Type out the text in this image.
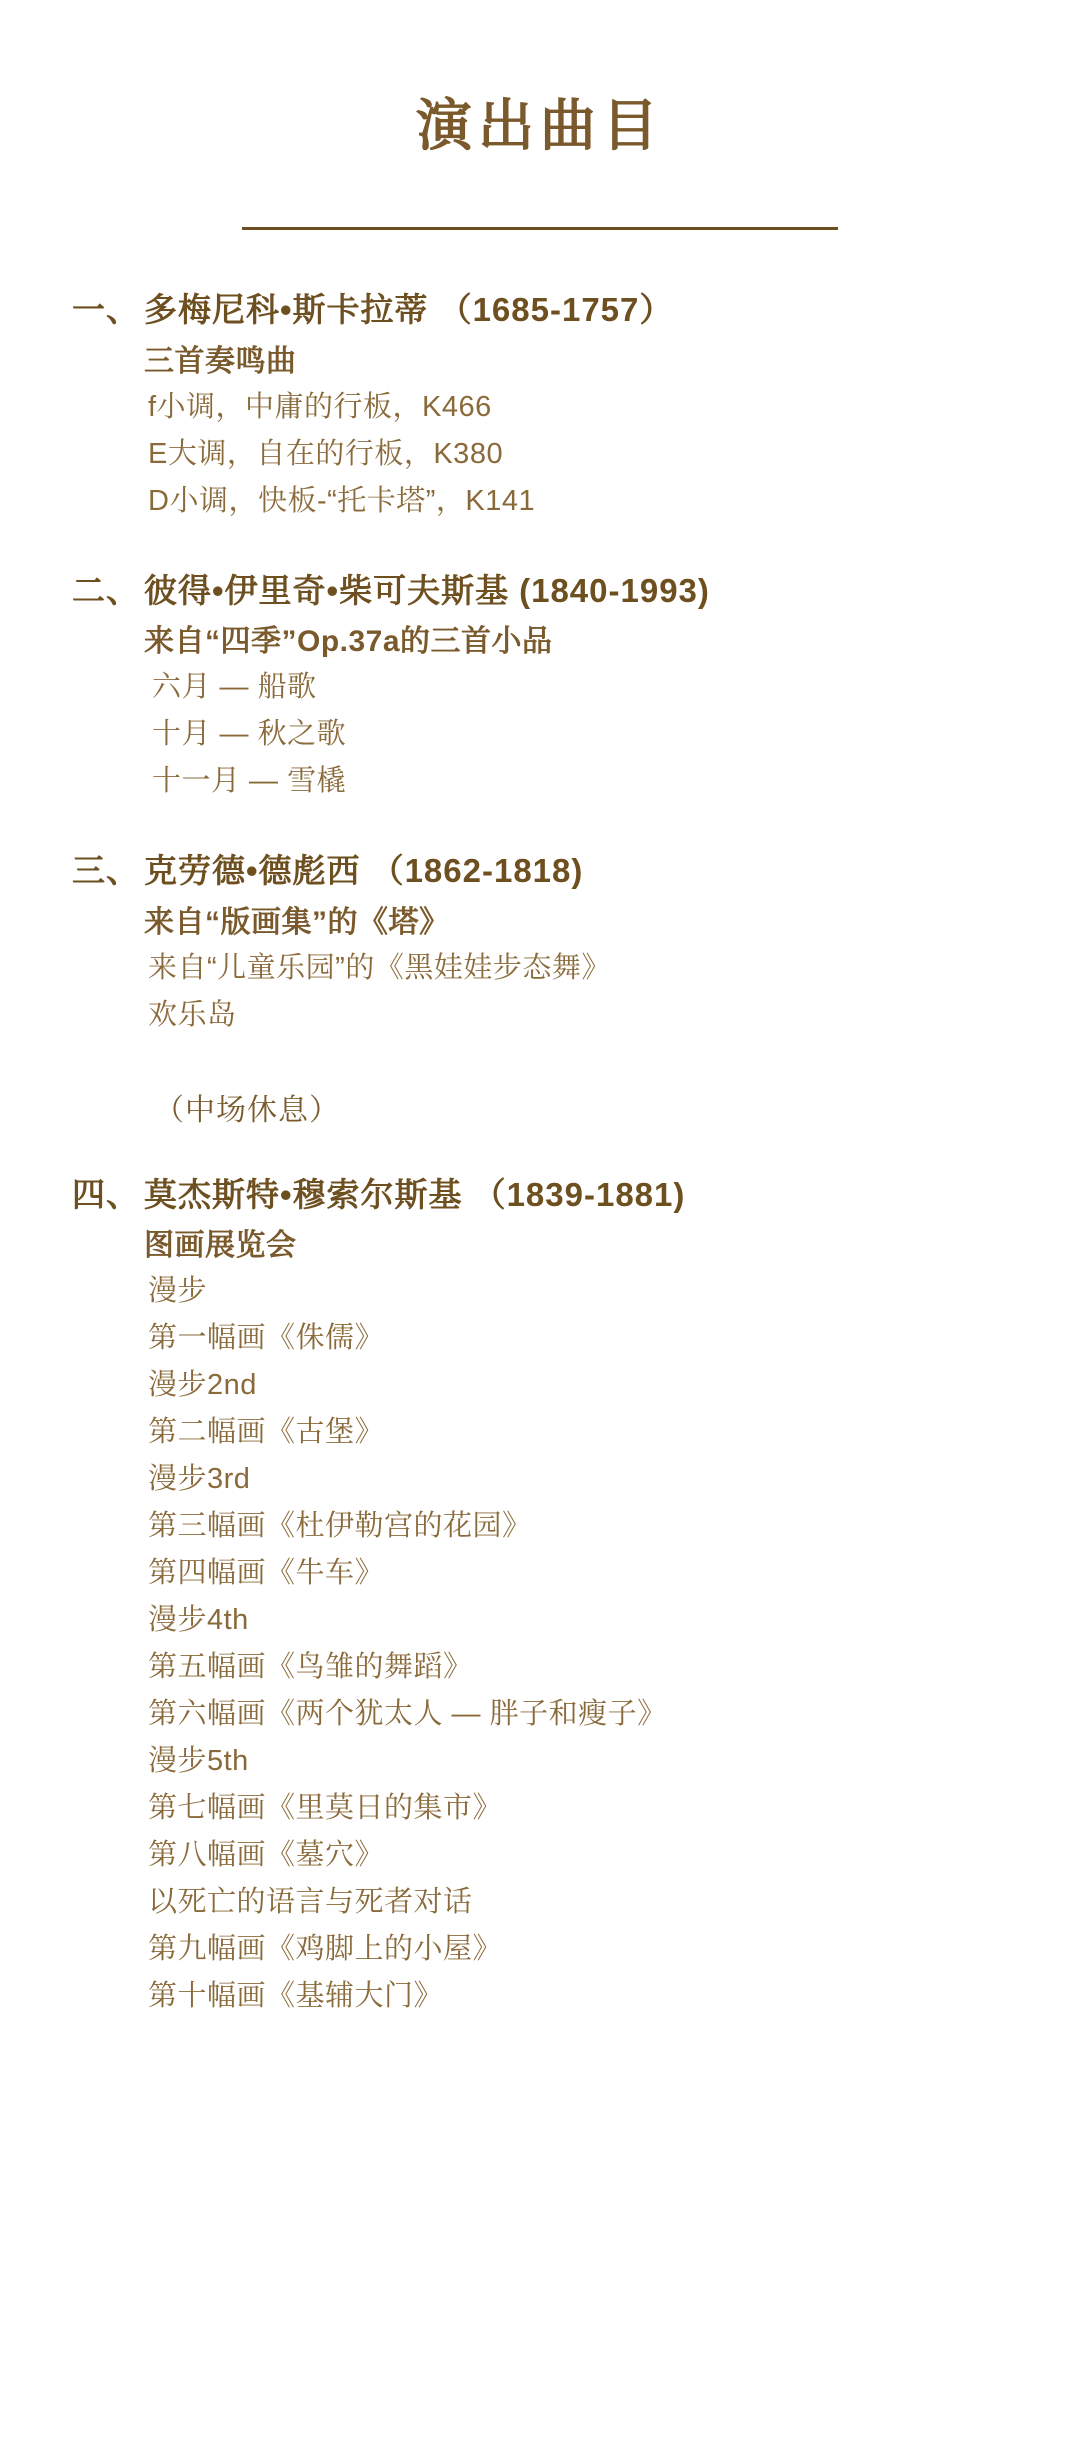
演出曲目
一、 多梅尼科•斯卡拉蒂 （1685-1757）
三首奏鸣曲
f小调，中庸的行板，K466
E大调，自在的行板，K380
D小调，快板-“托卡塔”，K141
二、 彼得•伊里奇•柴可夫斯基 (1840-1993)
来自“四季”Op.37a的三首小品
六月 — 船歌
十月 — 秋之歌
十一月 — 雪橇
三、 克劳德•德彪西 （1862-1818)
来自“版画集”的《塔》
来自“儿童乐园”的《黑娃娃步态舞》
欢乐岛
（中场休息）
四、 莫杰斯特•穆索尔斯基 （1839-1881)
图画展览会
漫步
第一幅画《侏儒》
漫步2nd
第二幅画《古堡》
漫步3rd
第三幅画《杜伊勒宫的花园》
第四幅画《牛车》
漫步4th
第五幅画《鸟雏的舞蹈》
第六幅画《两个犹太人 — 胖子和瘦子》
漫步5th
第七幅画《里莫日的集市》
第八幅画《墓穴》
以死亡的语言与死者对话
第九幅画《鸡脚上的小屋》
第十幅画《基辅大门》
